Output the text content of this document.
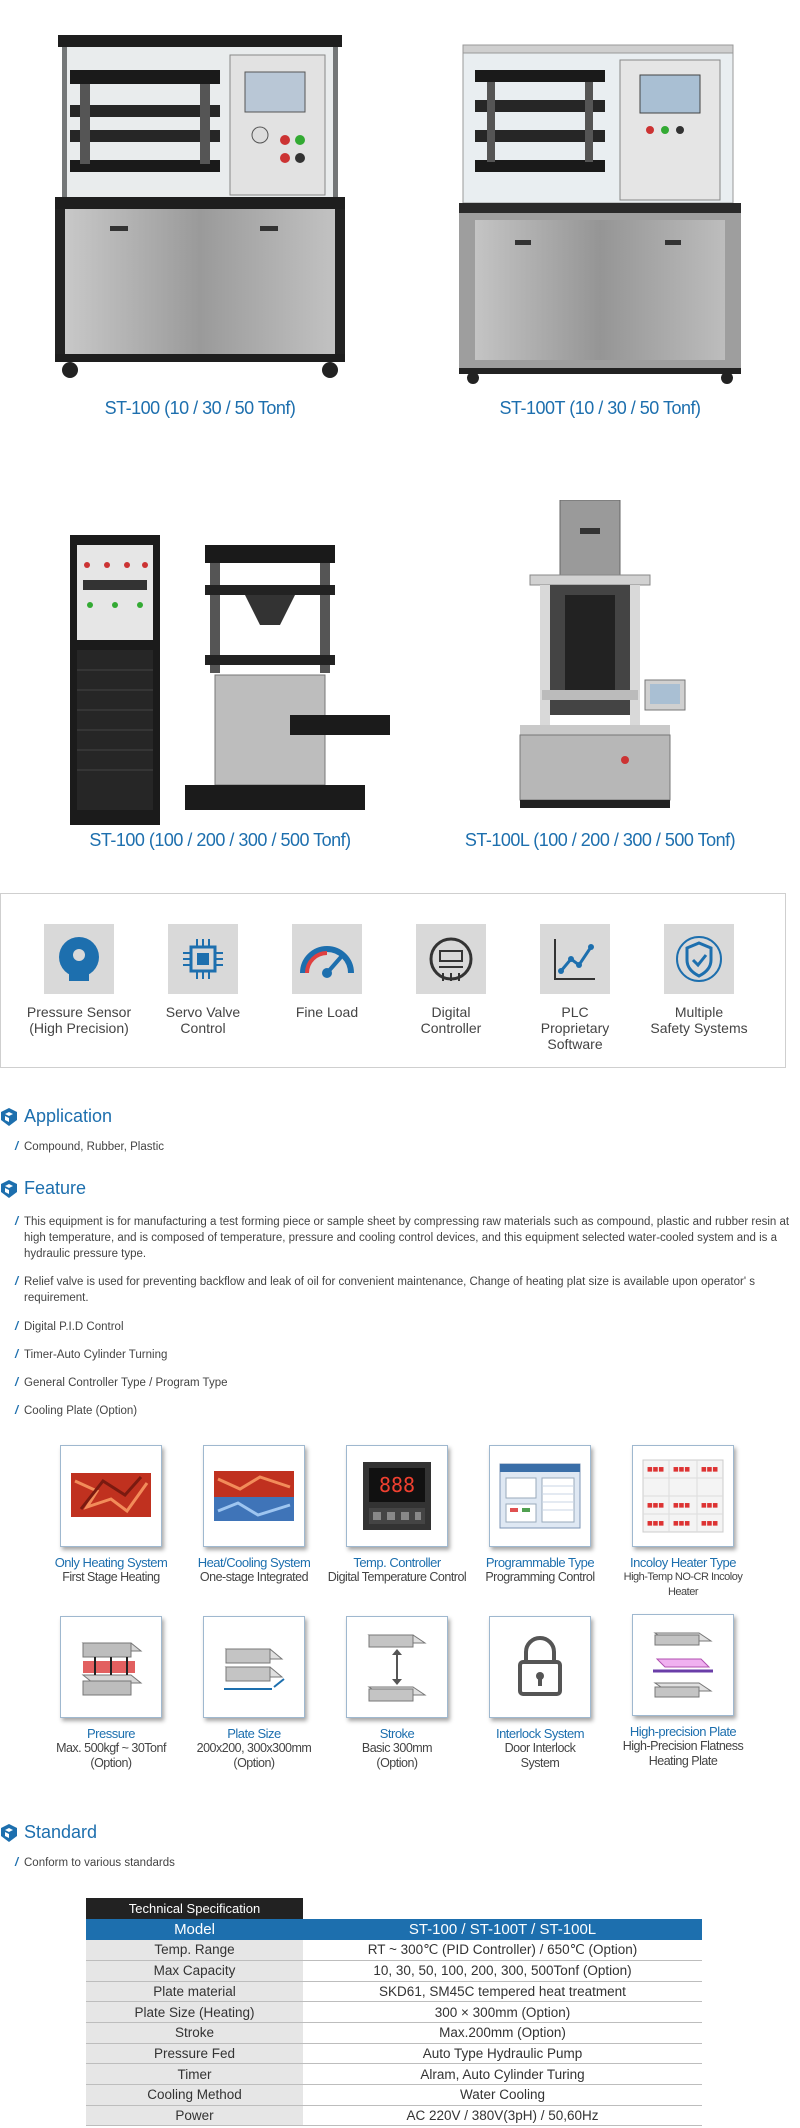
ST-100 (10 / 30 / 50 Tonf)	ST-100T (10 / 30 / 50 Tonf)
ST-100 (100 / 200 / 300 / 500 Tonf)	ST-100L (100 / 200 / 300 / 500 Tonf)
Pressure Sensor
(High Precision)
Servo Valve
Control
Fine Load	Digital
Controller
PLC
Proprietary Software
Multiple
Safety Systems
Application
/ Compound, Rubber, Plastic
Feature
/ This equipment is for manufacturing a test forming piece or sample sheet by compressing raw materials such as compound, plastic and rubber resin at high temperature, and is composed of temperature, pressure and cooling control devices, and this equipment selected water-cooled system and is a hydraulic pressure type.
/ Relief valve is used for preventing backflow and leak of oil for convenient maintenance, Change of heating plat size is available upon operator' s requirement.
/ Digital P.I.D Control
/ Timer-Auto Cylinder Turning
/ General Controller Type / Program Type
/ Cooling Plate (Option)
Only Heating System
First Stage Heating
Heat/Cooling System
One-stage Integrated
888
Temp. Controller
Digital Temperature Control
Programmable Type
Programming Control
■■■ ■■■ ■■■
■■■ ■■■ ■■■
■■■ ■■■ ■■■
Incoloy Heater Type
High-Temp NO-CR Incoloy Heater
Pressure
Max. 500kgf ~ 30Tonf
(Option)
Plate Size
200x200, 300x300mm
(Option)
Stroke
Basic 300mm
(Option)
Interlock System
Door Interlock
System
High-precision Plate
High-Precision Flatness
Heating Plate
Standard
/ Conform to various standards
Technical Specification
Model	ST-100 / ST-100T / ST-100L
Temp. Range	RT ~ 300℃ (PID Controller) / 650℃ (Option)
Max Capacity	10, 30, 50, 100, 200, 300, 500Tonf (Option)
Plate material	SKD61, SM45C tempered heat treatment
Plate Size (Heating)	300 × 300mm (Option)
Stroke	Max.200mm (Option)
Pressure Fed	Auto Type Hydraulic Pump
Timer	Alram, Auto Cylinder Turing
Cooling Method	Water Cooling
Power	AC 220V / 380V(3pH) / 50,60Hz
